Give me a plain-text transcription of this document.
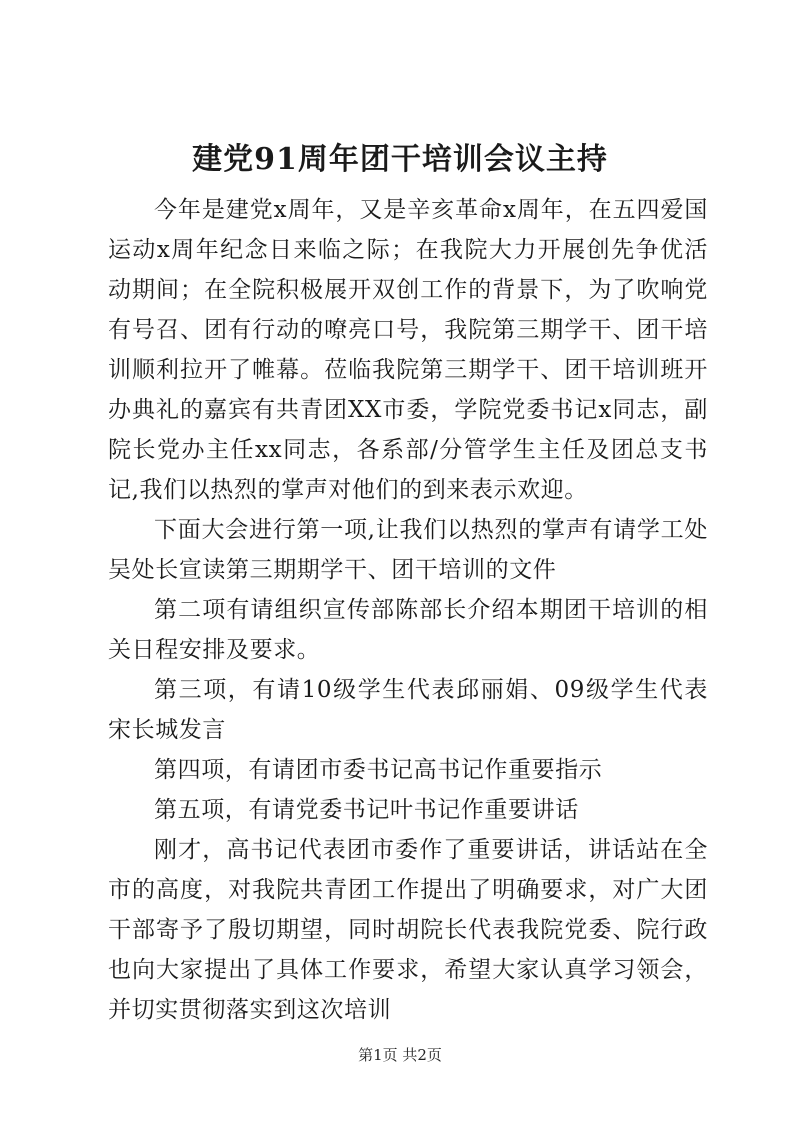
建党91周年团干培训会议主持

今年是建党x周年，又是辛亥革命x周年，在五四爱国运动x周年纪念日来临之际；在我院大力开展创先争优活动期间；在全院积极展开双创工作的背景下，为了吹响党有号召、团有行动的嘹亮口号，我院第三期学干、团干培训顺利拉开了帷幕。莅临我院第三期学干、团干培训班开办典礼的嘉宾有共青团XX市委，学院党委书记x同志，副院长党办主任xx同志，各系部/分管学生主任及团总支书记,我们以热烈的掌声对他们的到来表示欢迎。

下面大会进行第一项,让我们以热烈的掌声有请学工处吴处长宣读第三期期学干、团干培训的文件

第二项有请组织宣传部陈部长介绍本期团干培训的相关日程安排及要求。

第三项，有请10级学生代表邱丽娟、09级学生代表宋长城发言

第四项，有请团市委书记高书记作重要指示

第五项，有请党委书记叶书记作重要讲话

刚才，高书记代表团市委作了重要讲话，讲话站在全市的高度，对我院共青团工作提出了明确要求，对广大团干部寄予了殷切期望，同时胡院长代表我院党委、院行政也向大家提出了具体工作要求，希望大家认真学习领会，并切实贯彻落实到这次培训

第1页 共2页
